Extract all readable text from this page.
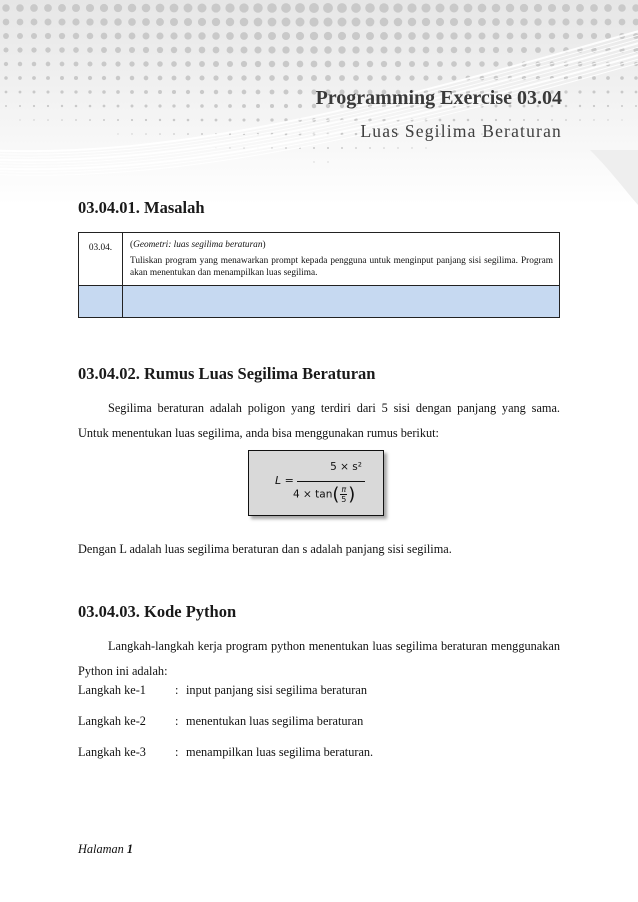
Programming Exercise 03.04
Luas Segilima Beraturan
03.04.01. Masalah
03.04.	(Geometri: luas segilima beraturan)
Tuliskan program yang menawarkan prompt kepada pengguna untuk menginput panjang sisi segilima. Program akan menentukan dan menampilkan luas segilima.

03.04.02. Rumus Luas Segilima Beraturan

Segilima beraturan adalah poligon yang terdiri dari 5 sisi dengan panjang yang sama. Untuk menentukan luas segilima, anda bisa menggunakan rumus berikut:

L =
5 × s²
$4 \times \tan( \frac{\pi}{5})$

Dengan L adalah luas segilima beraturan dan s adalah panjang sisi segilima.

03.04.03. Kode Python

Langkah-langkah kerja program python menentukan luas segilima beraturan menggunakan Python ini adalah:

Langkah ke-1 : input panjang sisi segilima beraturan
Langkah ke-2 : menentukan luas segilima beraturan
Langkah ke-3 : menampilkan luas segilima beraturan.
Halaman 1
